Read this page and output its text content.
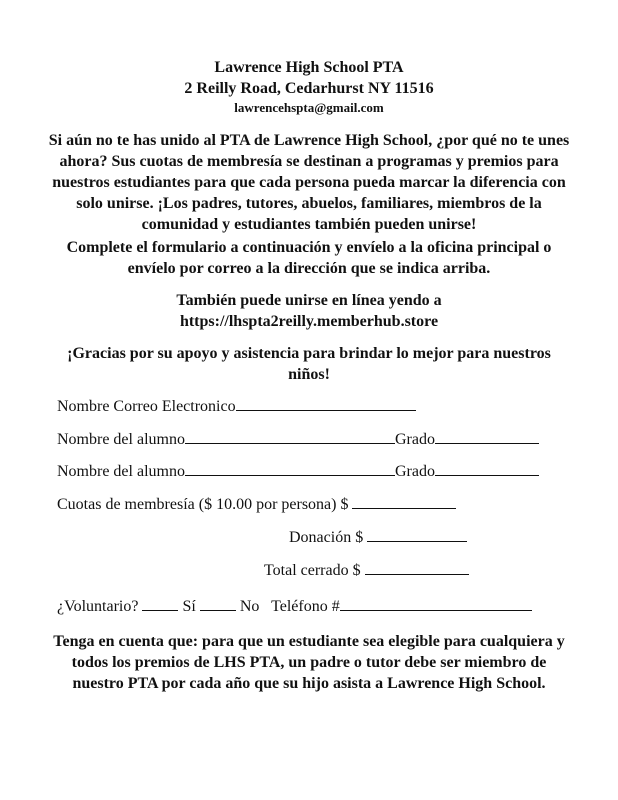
Lawrence High School PTA
2 Reilly Road, Cedarhurst NY 11516
lawrencehspta@gmail.com
Si aún no te has unido al PTA de Lawrence High School, ¿por qué no te unes ahora? Sus cuotas de membresía se destinan a programas y premios para nuestros estudiantes para que cada persona pueda marcar la diferencia con solo unirse. ¡Los padres, tutores, abuelos, familiares, miembros de la comunidad y estudiantes también pueden unirse!
Complete el formulario a continuación y envíelo a la oficina principal o envíelo por correo a la dirección que se indica arriba.
También puede unirse en línea yendo a
https://lhspta2reilly.memberhub.store
¡Gracias por su apoyo y asistencia para brindar lo mejor para nuestros niños!
Nombre Correo Electronico
Nombre del alumno	Grado
Nombre del alumno	Grado
Cuotas de membresía ($ 10.00 por persona) $
Donación $
Total cerrado $
¿Voluntario?	Sí	No Teléfono #
Tenga en cuenta que: para que un estudiante sea elegible para cualquiera y todos los premios de LHS PTA, un padre o tutor debe ser miembro de nuestro PTA por cada año que su hijo asista a Lawrence High School.
